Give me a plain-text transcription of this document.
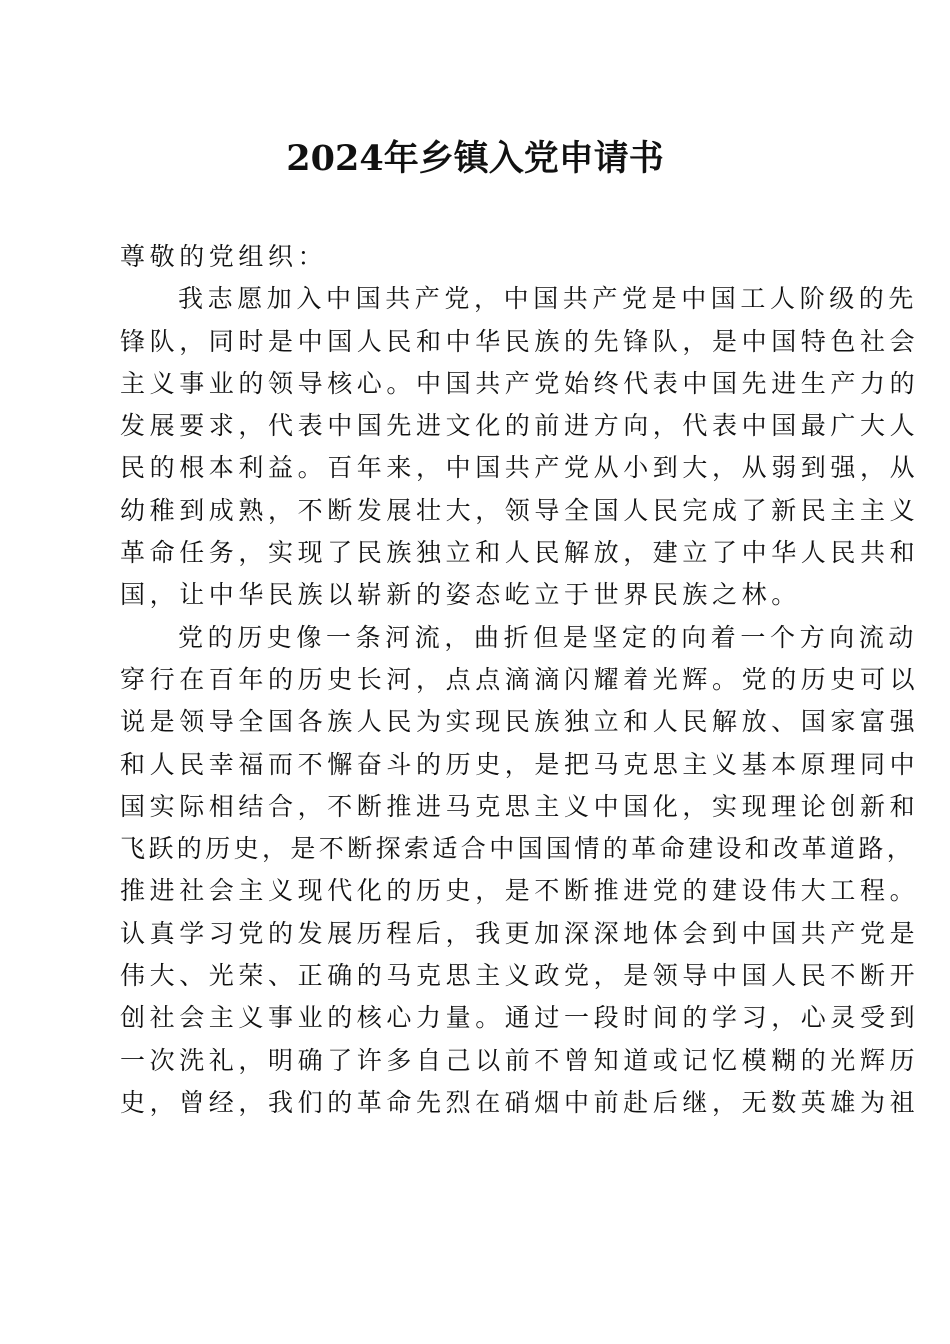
2024年乡镇入党申请书

尊敬的党组织：

我志愿加入中国共产党，中国共产党是中国工人阶级的先
锋队，同时是中国人民和中华民族的先锋队，是中国特色社会
主义事业的领导核心。中国共产党始终代表中国先进生产力的
发展要求，代表中国先进文化的前进方向，代表中国最广大人
民的根本利益。百年来，中国共产党从小到大，从弱到强，从
幼稚到成熟，不断发展壮大，领导全国人民完成了新民主主义
革命任务，实现了民族独立和人民解放，建立了中华人民共和
国，让中华民族以崭新的姿态屹立于世界民族之林。

党的历史像一条河流，曲折但是坚定的向着一个方向流动
穿行在百年的历史长河，点点滴滴闪耀着光辉。党的历史可以
说是领导全国各族人民为实现民族独立和人民解放、国家富强
和人民幸福而不懈奋斗的历史，是把马克思主义基本原理同中
国实际相结合，不断推进马克思主义中国化，实现理论创新和
飞跃的历史，是不断探索适合中国国情的革命建设和改革道路，
推进社会主义现代化的历史，是不断推进党的建设伟大工程。
认真学习党的发展历程后，我更加深深地体会到中国共产党是
伟大、光荣、正确的马克思主义政党，是领导中国人民不断开
创社会主义事业的核心力量。通过一段时间的学习，心灵受到
一次洗礼，明确了许多自己以前不曾知道或记忆模糊的光辉历
史，曾经，我们的革命先烈在硝烟中前赴后继，无数英雄为祖
